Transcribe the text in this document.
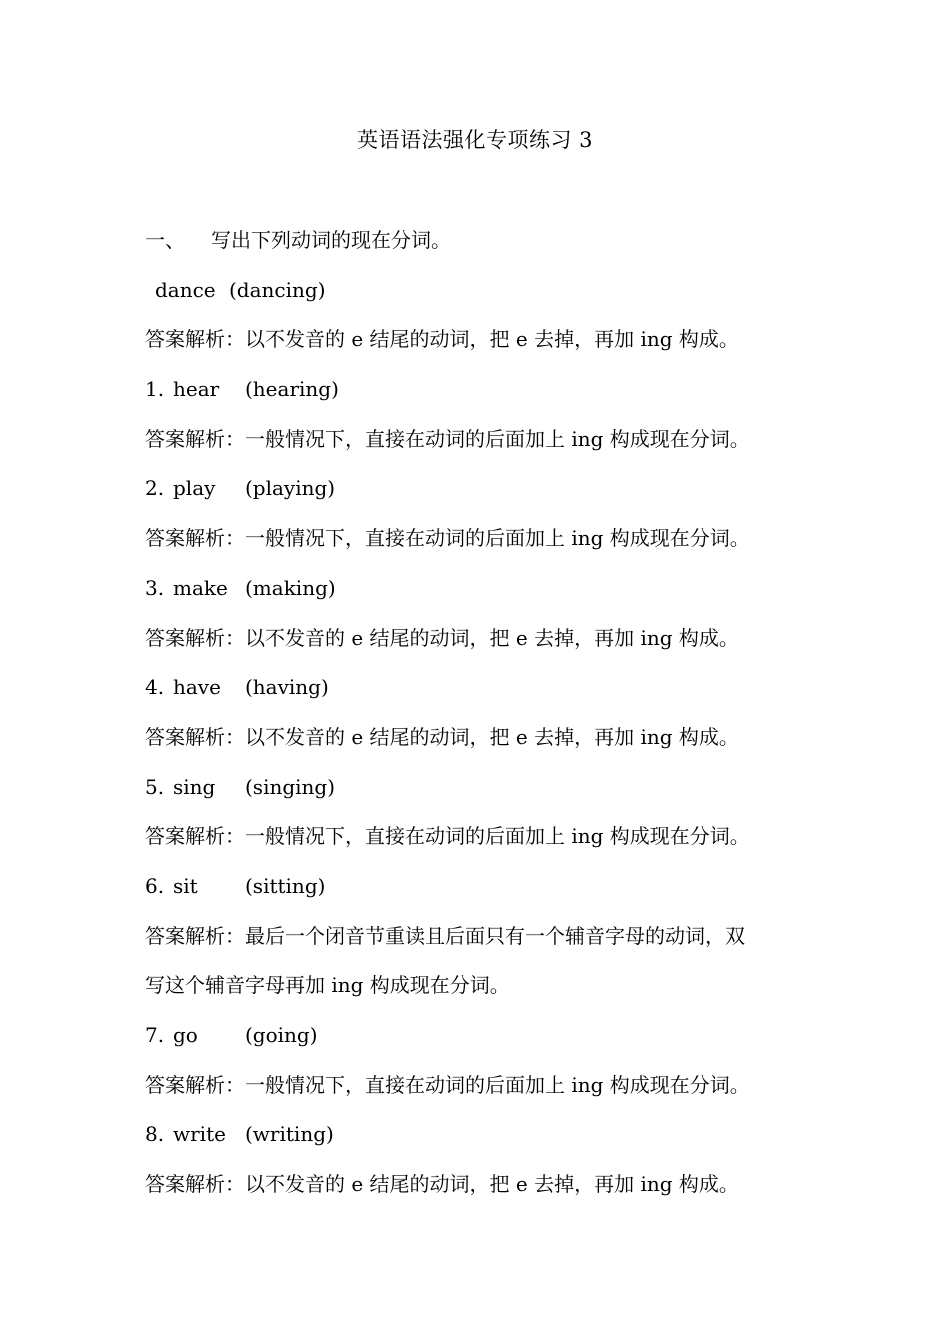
英语语法强化专项练习 3
一、 写出下列动词的现在分词。
dance (dancing)
答案解析：以不发音的 e 结尾的动词，把 e 去掉，再加 ing 构成。
1. hear (hearing)
答案解析：一般情况下，直接在动词的后面加上 ing 构成现在分词。
2. play (playing)
答案解析：一般情况下，直接在动词的后面加上 ing 构成现在分词。
3. make (making)
答案解析：以不发音的 e 结尾的动词，把 e 去掉，再加 ing 构成。
4. have (having)
答案解析：以不发音的 e 结尾的动词，把 e 去掉，再加 ing 构成。
5. sing (singing)
答案解析：一般情况下，直接在动词的后面加上 ing 构成现在分词。
6. sit (sitting)
答案解析：最后一个闭音节重读且后面只有一个辅音字母的动词，双
写这个辅音字母再加 ing 构成现在分词。
7. go (going)
答案解析：一般情况下，直接在动词的后面加上 ing 构成现在分词。
8. write (writing)
答案解析：以不发音的 e 结尾的动词，把 e 去掉，再加 ing 构成。
